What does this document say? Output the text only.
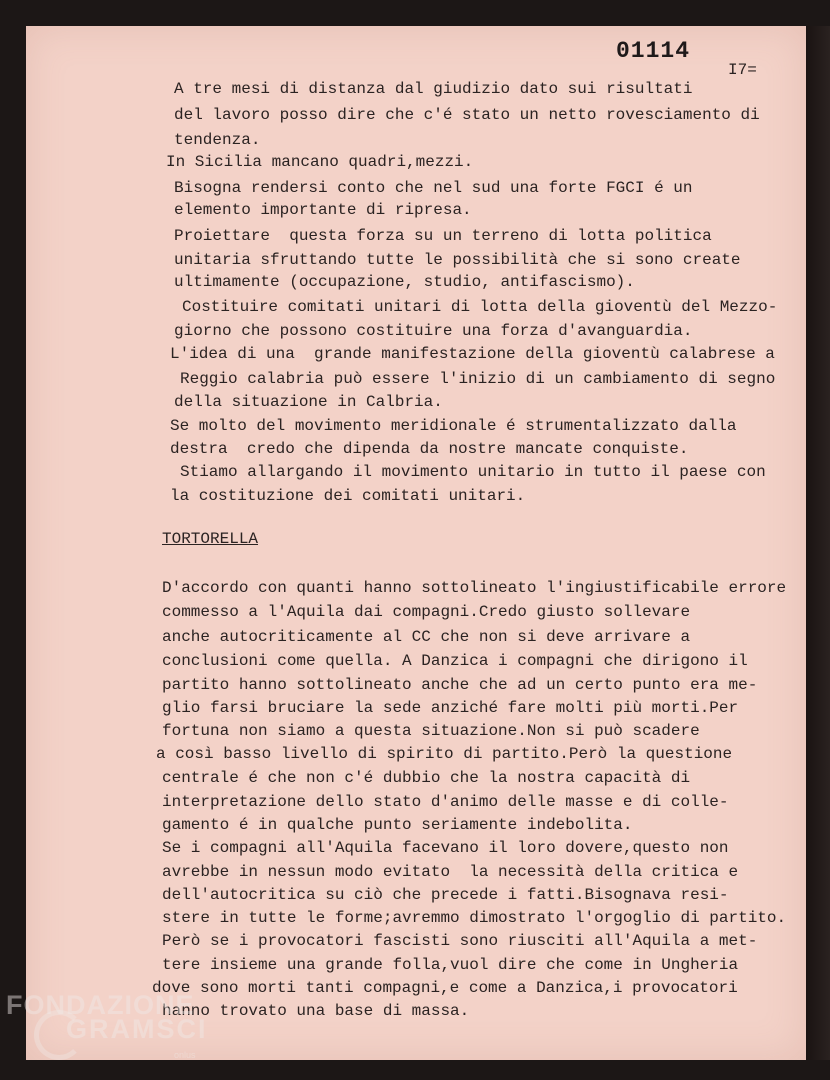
01114
I7=
A tre mesi di distanza dal giudizio dato sui risultati
del lavoro posso dire che c'é stato un netto rovesciamento di
tendenza.
In Sicilia mancano quadri,mezzi.
Bisogna rendersi conto che nel sud una forte FGCI é un
elemento importante di ripresa.
Proiettare  questa forza su un terreno di lotta politica
unitaria sfruttando tutte le possibilità che si sono create
ultimamente (occupazione, studio, antifascismo).
Costituire comitati unitari di lotta della gioventù del Mezzo-
giorno che possono costituire una forza d'avanguardia.
L'idea di una  grande manifestazione della gioventù calabrese a
Reggio calabria può essere l'inizio di un cambiamento di segno
della situazione in Calbria.
Se molto del movimento meridionale é strumentalizzato dalla
destra  credo che dipenda da nostre mancate conquiste.
Stiamo allargando il movimento unitario in tutto il paese con
la costituzione dei comitati unitari.
TORTORELLA
D'accordo con quanti hanno sottolineato l'ingiustificabile errore
commesso a l'Aquila dai compagni.Credo giusto sollevare
anche autocriticamente al CC che non si deve arrivare a
conclusioni come quella. A Danzica i compagni che dirigono il
partito hanno sottolineato anche che ad un certo punto era me-
glio farsi bruciare la sede anziché fare molti più morti.Per
fortuna non siamo a questa situazione.Non si può scadere
a così basso livello di spirito di partito.Però la questione
centrale é che non c'é dubbio che la nostra capacità di
interpretazione dello stato d'animo delle masse e di colle-
gamento é in qualche punto seriamente indebolita.
Se i compagni all'Aquila facevano il loro dovere,questo non
avrebbe in nessun modo evitato  la necessità della critica e
dell'autocritica su ciò che precede i fatti.Bisognava resi-
stere in tutte le forme;avremmo dimostrato l'orgoglio di partito.
Però se i provocatori fascisti sono riusciti all'Aquila a met-
tere insieme una grande folla,vuol dire che come in Ungheria
dove sono morti tanti compagni,e come a Danzica,i provocatori
hanno trovato una base di massa.
FONDAZIONE
GRAMSCI
onlus
